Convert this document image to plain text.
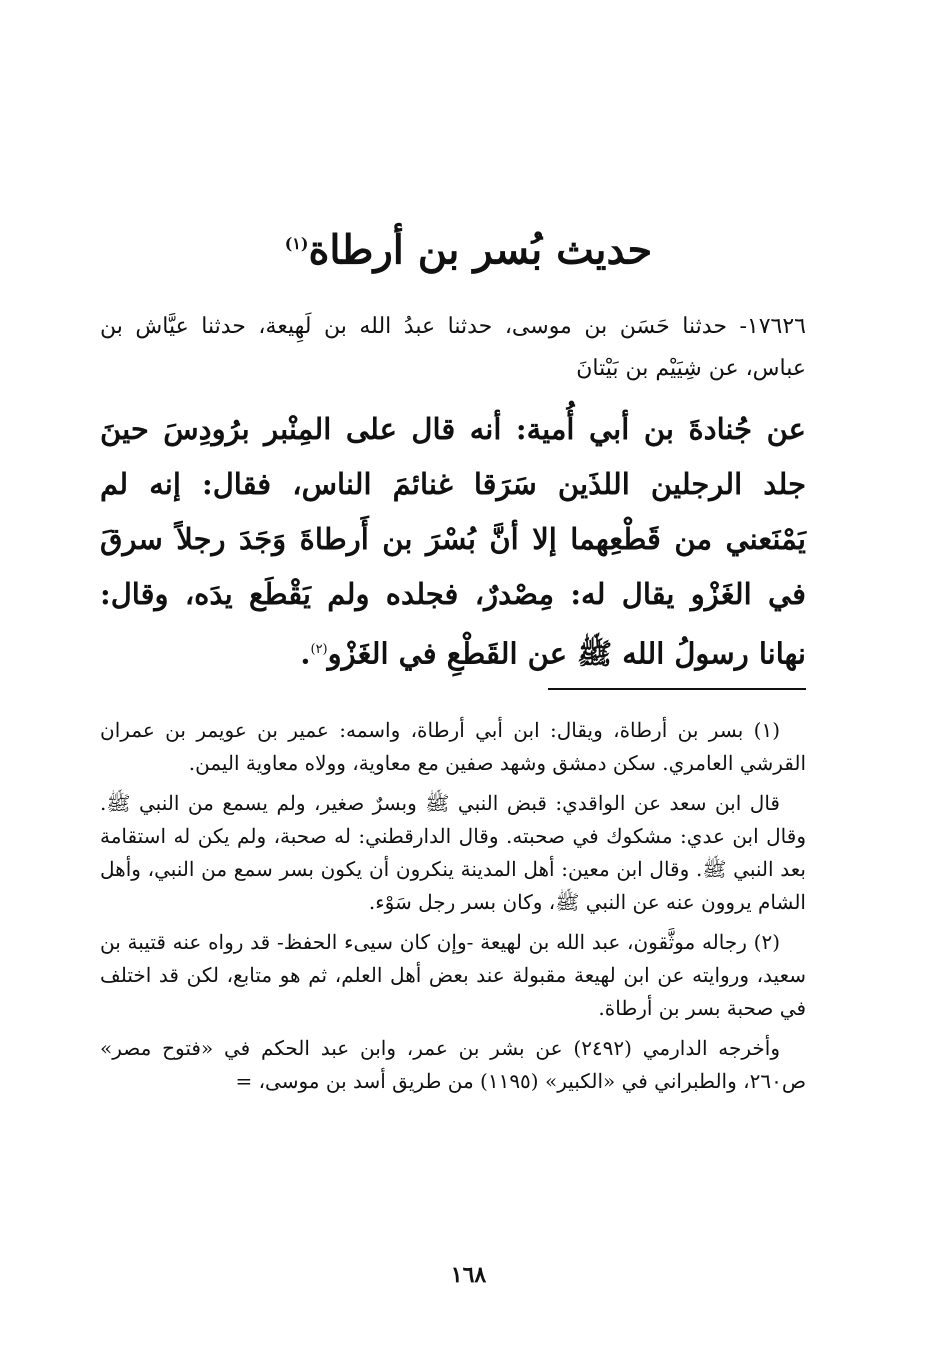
حديث بُسر بن أرطاة$^{(١)}$
١٧٦٢٦- حدثنا حَسَن بن موسى، حدثنا عبدُ الله بن لَهِيعة، حدثنا عيَّاش بن عباس، عن شِيَيْم بن بَيْتانَ
عن جُنادةَ بن أبي أُمية: أنه قال على المِنْبر برُودِسَ حينَ جلد الرجلين اللذَين سَرَقا غنائمَ الناس، فقال: إنه لم يَمْنَعني من قَطْعِهما إلا أنَّ بُسْرَ بن أَرطاةَ وَجَدَ رجلاً سرقَ في الغَزْو يقال له: مِصْدرٌ، فجلده ولم يَقْطَع يدَه، وقال: نهانا رسولُ الله ﷺ عن القَطْعِ في الغَزْو$^{(٢)}$.

(١) بسر بن أرطاة، ويقال: ابن أبي أرطاة، واسمه: عمير بن عويمر بن عمران القرشي العامري. سكن دمشق وشهد صفين مع معاوية، وولاه معاوية اليمن.

قال ابن سعد عن الواقدي: قبض النبي ﷺ وبسرٌ صغير، ولم يسمع من النبي ﷺ. وقال ابن عدي: مشكوك في صحبته. وقال الدارقطني: له صحبة، ولم يكن له استقامة بعد النبي ﷺ. وقال ابن معين: أهل المدينة ينكرون أن يكون بسر سمع من النبي، وأهل الشام يروون عنه عن النبي ﷺ، وكان بسر رجل سَوْء.

(٢) رجاله موثَّقون، عبد الله بن لهيعة -وإن كان سيىء الحفظ- قد رواه عنه قتيبة بن سعيد، وروايته عن ابن لهيعة مقبولة عند بعض أهل العلم، ثم هو متابع، لكن قد اختلف في صحبة بسر بن أرطاة.

وأخرجه الدارمي (٢٤٩٢) عن بشر بن عمر، وابن عبد الحكم في «فتوح مصر» ص٢٦٠، والطبراني في «الكبير» (١١٩٥) من طريق أسد بن موسى، =

١٦٨
